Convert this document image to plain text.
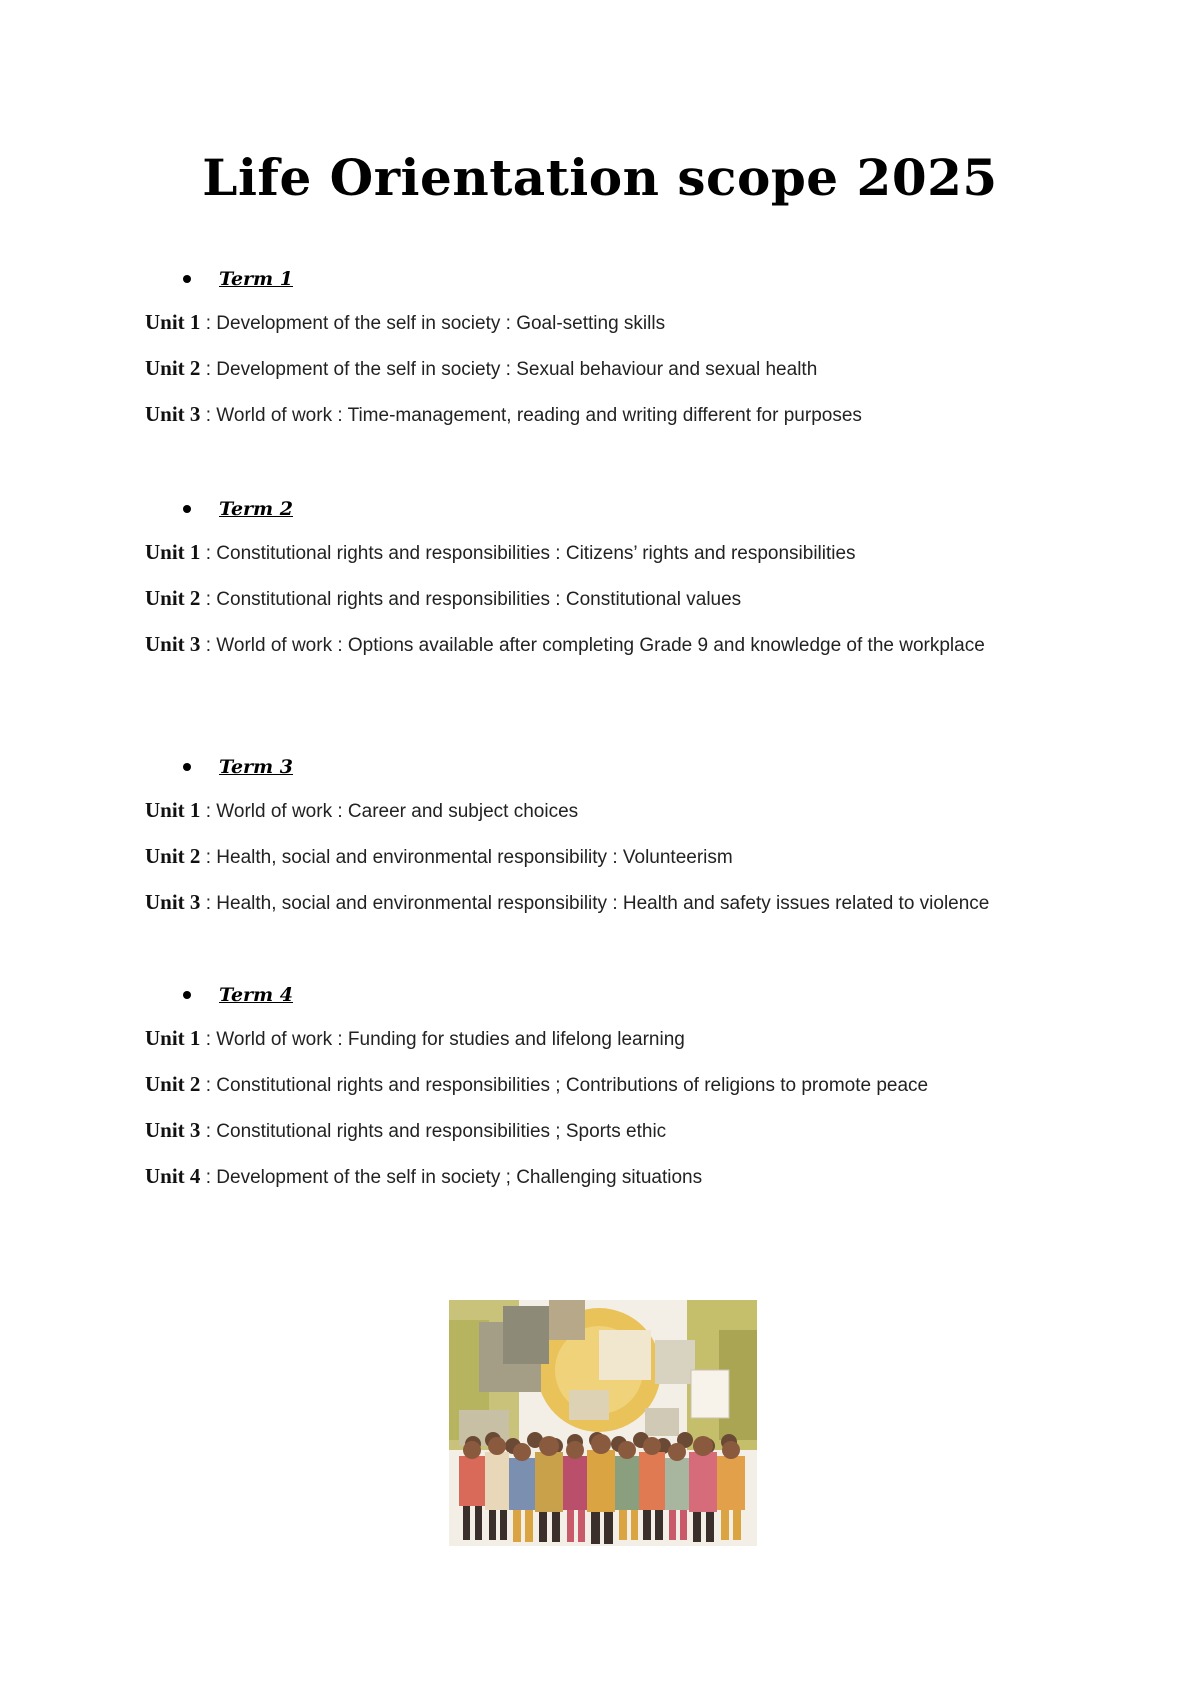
Life Orientation scope 2025
Term 1
Unit 1 : Development of the self in society : Goal-setting skills
Unit 2 : Development of the self in society : Sexual behaviour and sexual health
Unit 3 : World of work : Time-management, reading and writing different for purposes
Term 2
Unit 1 : Constitutional rights and responsibilities : Citizens’ rights and responsibilities
Unit 2 : Constitutional rights and responsibilities : Constitutional values
Unit 3 : World of work : Options available after completing Grade 9 and knowledge of the workplace
Term 3
Unit 1 : World of work : Career and subject choices
Unit 2 : Health, social and environmental responsibility : Volunteerism
Unit 3 : Health, social and environmental responsibility : Health and safety issues related to violence
Term 4
Unit 1 : World of work : Funding for studies and lifelong learning
Unit 2 : Constitutional rights and responsibilities ; Contributions of religions to promote peace
Unit 3 : Constitutional rights and responsibilities ; Sports ethic
Unit 4 : Development of the self in society ; Challenging situations
